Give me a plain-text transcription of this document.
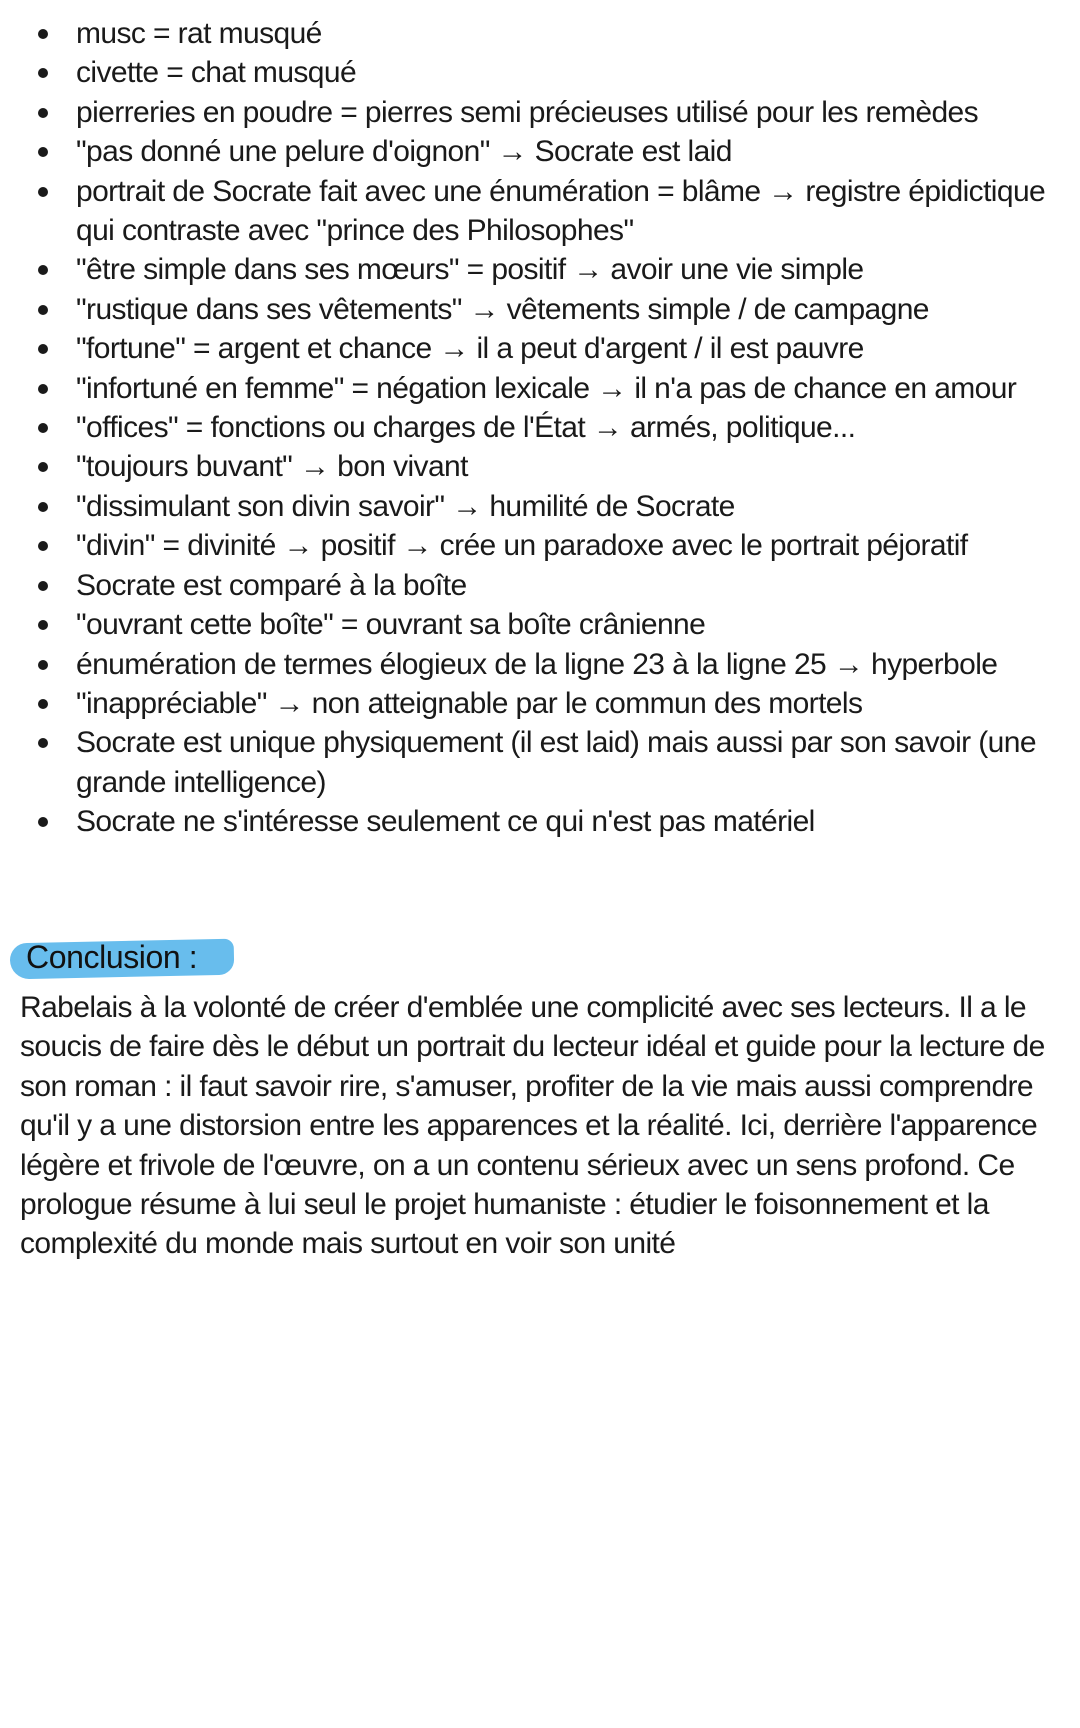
musc = rat musqué
civette = chat musqué
pierreries en poudre = pierres semi précieuses utilisé pour les remèdes
"pas donné une pelure d'oignon" → Socrate est laid
portrait de Socrate fait avec une énumération = blâme → registre épidictique qui contraste avec "prince des Philosophes"
"être simple dans ses mœurs" = positif → avoir une vie simple
"rustique dans ses vêtements" → vêtements simple / de campagne
"fortune" = argent et chance → il a peut d'argent / il est pauvre
"infortuné en femme" = négation lexicale → il n'a pas de chance en amour
"offices" = fonctions ou charges de l'État → armés, politique...
"toujours buvant" → bon vivant
"dissimulant son divin savoir" → humilité de Socrate
"divin" = divinité → positif → crée un paradoxe avec le portrait péjoratif
Socrate est comparé à la boîte
"ouvrant cette boîte" = ouvrant sa boîte crânienne
énumération de termes élogieux de la ligne 23 à la ligne 25 → hyperbole
"inappréciable" → non atteignable par le commun des mortels
Socrate est unique physiquement (il est laid) mais aussi par son savoir (une grande intelligence)
Socrate ne s'intéresse seulement ce qui n'est pas matériel
Conclusion :

Rabelais à la volonté de créer d'emblée une complicité avec ses lecteurs. Il a le soucis de faire dès le début un portrait du lecteur idéal et guide pour la lecture de son roman : il faut savoir rire, s'amuser, profiter de la vie mais aussi comprendre qu'il y a une distorsion entre les apparences et la réalité. Ici, derrière l'apparence légère et frivole de l'œuvre, on a un contenu sérieux avec un sens profond. Ce prologue résume à lui seul le projet humaniste : étudier le foisonnement et la complexité du monde mais surtout en voir son unité
